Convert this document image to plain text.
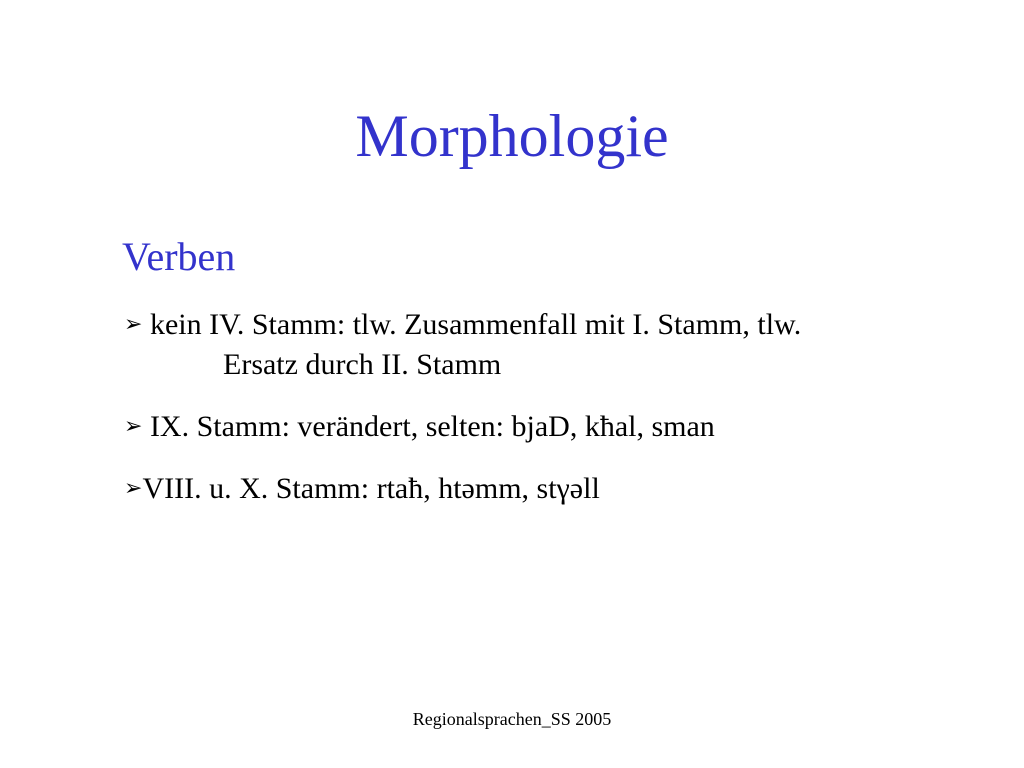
Morphologie
Verben

➢ kein IV. Stamm: tlw. Zusammenfall mit I. Stamm, tlw.

Ersatz durch II. Stamm

➢ IX. Stamm: verändert, selten: bjaD, kħal, sman

➢VIII. u. X. Stamm: rtaħ, htəmm, stγəll

Regionalsprachen_SS 2005
